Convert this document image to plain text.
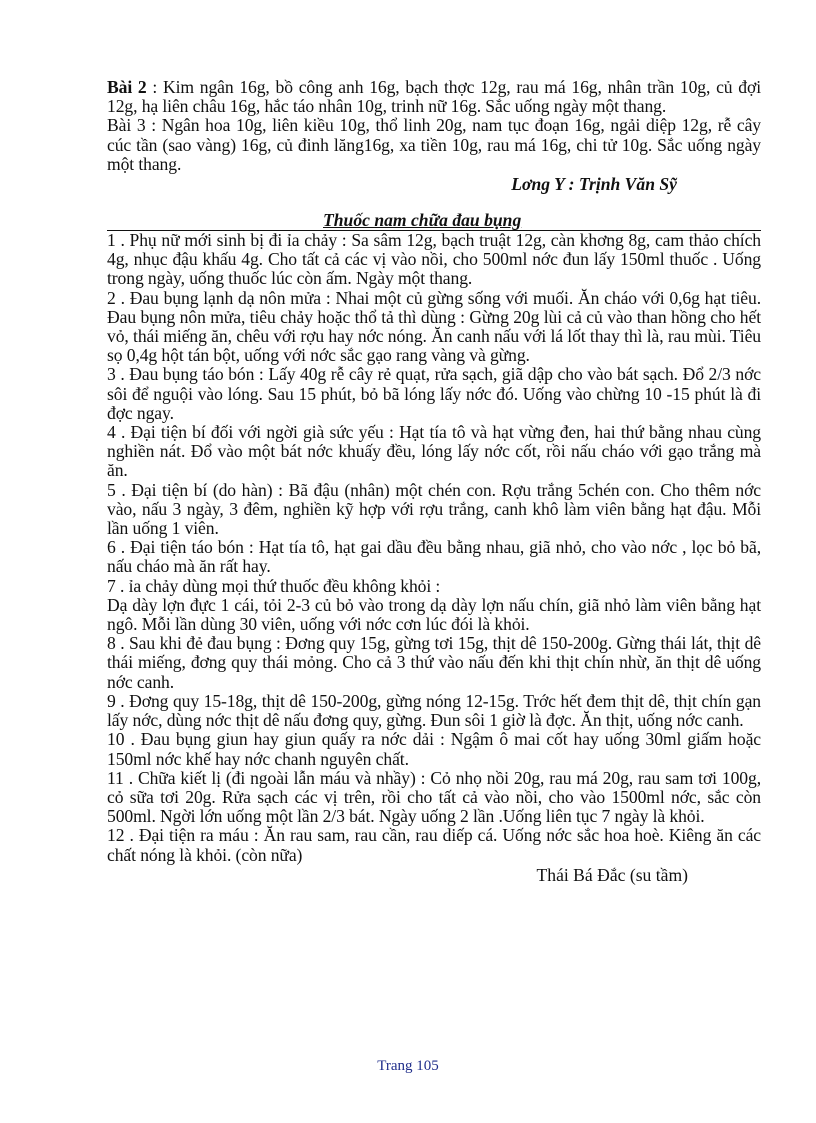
Bài 2 : Kim ngân 16g, bồ công anh 16g, bạch thợc 12g, rau má 16g, nhân trần 10g, củ đợi 12g, hạ liên châu 16g, hắc táo nhân 10g, trinh nữ 16g. Sắc uống ngày một thang.

Bài 3 : Ngân hoa 10g, liên kiều 10g, thổ linh 20g, nam tục đoạn 16g, ngải diệp 12g, rễ cây cúc tần (sao vàng) 16g, củ đinh lăng16g, xa tiền 10g, rau má 16g, chi tử 10g. Sắc uống ngày một thang.

Lơng Y : Trịnh Văn Sỹ

Thuốc nam chữa đau bụng

1 . Phụ nữ mới sinh bị đi ỉa chảy : Sa sâm 12g, bạch truật 12g, càn khơng 8g, cam thảo chích 4g, nhục đậu khấu 4g. Cho tất cả các vị vào nồi, cho 500ml nớc đun lấy 150ml thuốc . Uống trong ngày, uống thuốc lúc còn ấm. Ngày một thang.

2 . Đau bụng lạnh dạ nôn mửa : Nhai một củ gừng sống với muối. Ăn cháo với 0,6g hạt tiêu. Đau bụng nôn mửa, tiêu chảy hoặc thổ tả thì dùng : Gừng 20g lùi cả củ vào than hồng cho hết vỏ, thái miếng ăn, chêu với rợu hay nớc nóng. Ăn canh nấu với lá lốt thay thì là, rau mùi. Tiêu sọ 0,4g hột tán bột, uống với nớc sắc gạo rang vàng và gừng.

3 . Đau bụng táo bón : Lấy 40g rễ cây rẻ quạt, rửa sạch, giã dập cho vào bát sạch. Đổ 2/3 nớc sôi để nguội vào lóng. Sau 15 phút, bỏ bã lóng lấy nớc đó. Uống vào chừng 10 -15 phút là đi đợc ngay.

4 . Đại tiện bí đối với ngời già sức yếu : Hạt tía tô và hạt vừng đen, hai thứ bằng nhau cùng nghiền nát. Đổ vào một bát nớc khuấy đều, lóng lấy nớc cốt, rồi nấu cháo với gạo trắng mà ăn.

5 . Đại tiện bí (do hàn) : Bã đậu (nhân) một chén con. Rợu trắng 5chén con. Cho thêm nớc vào, nấu 3 ngày, 3 đêm, nghiền kỹ hợp với rợu trắng, canh khô làm viên bằng hạt đậu. Mỗi lần uống 1 viên.

6 . Đại tiện táo bón : Hạt tía tô, hạt gai dầu đều bằng nhau, giã nhỏ, cho vào nớc , lọc bỏ bã, nấu cháo mà ăn rất hay.

7 . ỉa chảy dùng mọi thứ thuốc đều không khỏi :

Dạ dày lợn đực 1 cái, tỏi 2-3 củ bỏ vào trong dạ dày lợn nấu chín, giã nhỏ làm viên bằng hạt ngô. Mỗi lần dùng 30 viên, uống với nớc cơn lúc đói là khỏi.

8 . Sau khi đẻ đau bụng : Đơng quy 15g, gừng tơi 15g, thịt dê 150-200g. Gừng thái lát, thịt dê thái miếng, đơng quy thái mỏng. Cho cả 3 thứ vào nấu đến khi thịt chín nhừ, ăn thịt dê uống nớc canh.

9 . Đơng quy 15-18g, thịt dê 150-200g, gừng nóng 12-15g. Trớc hết đem thịt dê, thịt chín gạn lấy nớc, dùng nớc thịt dê nấu đơng quy, gừng. Đun sôi 1 giờ là đợc. Ăn thịt, uống nớc canh.

10 . Đau bụng giun hay giun quấy ra nớc dải : Ngậm ô mai cốt hay uống 30ml giấm hoặc 150ml nớc khế hay nớc chanh nguyên chất.

11 . Chữa kiết lị (đi ngoài lẫn máu và nhầy) : Cỏ nhọ nồi 20g, rau má 20g, rau sam tơi 100g, cỏ sữa tơi 20g. Rửa sạch các vị trên, rồi cho tất cả vào nồi, cho vào 1500ml nớc, sắc còn 500ml. Ngời lớn uống một lần 2/3 bát. Ngày uống 2 lần .Uống liên tục 7 ngày là khỏi.

12 . Đại tiện ra máu : Ăn rau sam, rau cần, rau diếp cá. Uống nớc sắc hoa hoè. Kiêng ăn các chất nóng là khỏi. (còn nữa)

Thái Bá Đắc (su tầm)

Trang 105
